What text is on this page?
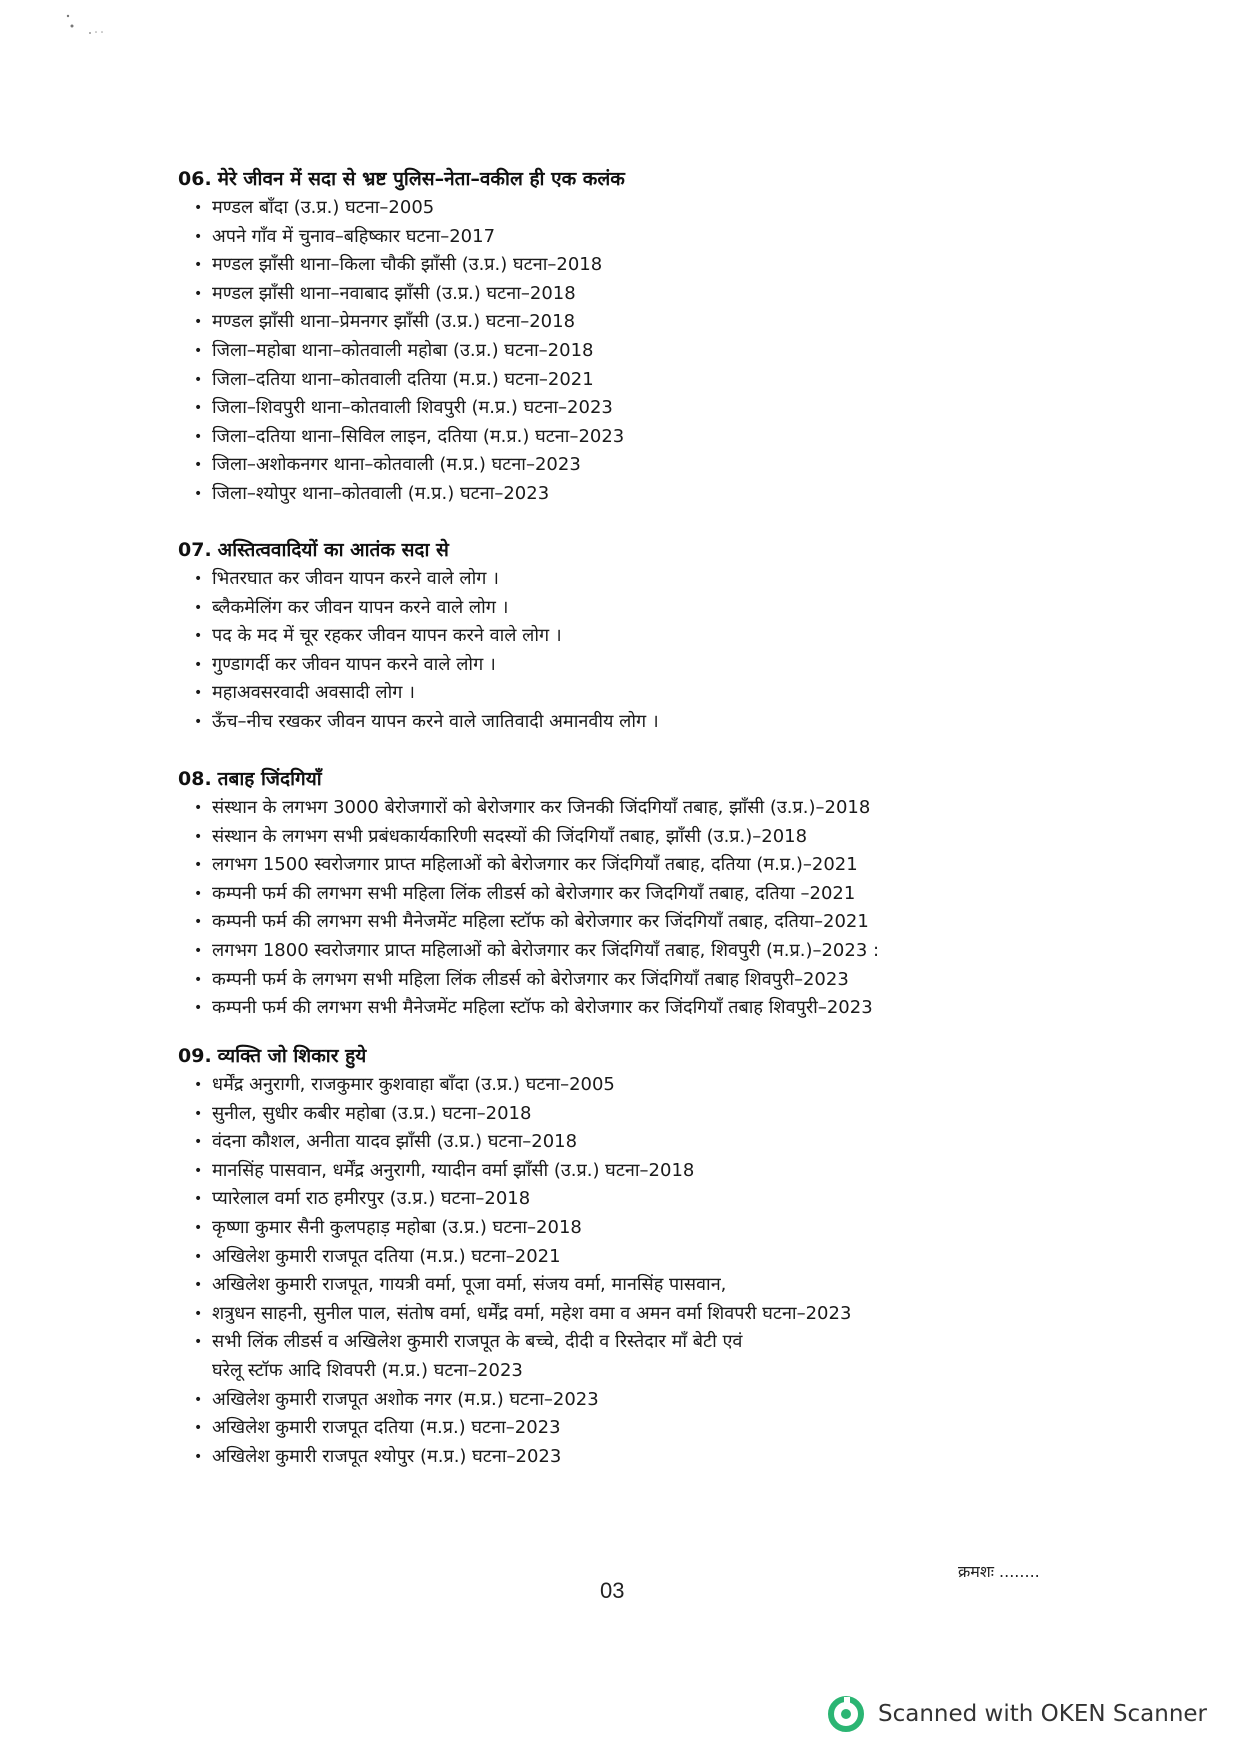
06. मेरे जीवन में सदा से भ्रष्ट पुलिस–नेता–वकील ही एक कलंक
• मण्डल बाँदा (उ.प्र.) घटना–2005
• अपने गाँव में चुनाव–बहिष्कार घटना–2017
• मण्डल झाँसी थाना–किला चौकी झाँसी (उ.प्र.) घटना–2018
• मण्डल झाँसी थाना–नवाबाद झाँसी (उ.प्र.) घटना–2018
• मण्डल झाँसी थाना–प्रेमनगर झाँसी (उ.प्र.) घटना–2018
• जिला–महोबा थाना–कोतवाली महोबा (उ.प्र.) घटना–2018
• जिला–दतिया थाना–कोतवाली दतिया (म.प्र.) घटना–2021
• जिला–शिवपुरी थाना–कोतवाली शिवपुरी (म.प्र.) घटना–2023
• जिला–दतिया थाना–सिविल लाइन, दतिया (म.प्र.) घटना–2023
• जिला–अशोकनगर थाना–कोतवाली (म.प्र.) घटना–2023
• जिला–श्योपुर थाना–कोतवाली (म.प्र.) घटना–2023
07. अस्तित्ववादियों का आतंक सदा से
• भितरघात कर जीवन यापन करने वाले लोग ।
• ब्लैकमेलिंग कर जीवन यापन करने वाले लोग ।
• पद के मद में चूर रहकर जीवन यापन करने वाले लोग ।
• गुण्डागर्दी कर जीवन यापन करने वाले लोग ।
• महाअवसरवादी अवसादी लोग ।
• ऊँच–नीच रखकर जीवन यापन करने वाले जातिवादी अमानवीय लोग ।
08. तबाह जिंदगियाँ
• संस्थान के लगभग 3000 बेरोजगारों को बेरोजगार कर जिनकी जिंदगियाँ तबाह, झाँसी (उ.प्र.)–2018
• संस्थान के लगभग सभी प्रबंधकार्यकारिणी सदस्यों की जिंदगियाँ तबाह, झाँसी (उ.प्र.)–2018
• लगभग 1500 स्वरोजगार प्राप्त महिलाओं को बेरोजगार कर जिंदगियाँ तबाह, दतिया (म.प्र.)–2021
• कम्पनी फर्म की लगभग सभी महिला लिंक लीडर्स को बेरोजगार कर जिदगियाँ तबाह, दतिया –2021
• कम्पनी फर्म की लगभग सभी मैनेजमेंट महिला स्टॉफ को बेरोजगार कर जिंदगियाँ तबाह, दतिया–2021
• लगभग 1800 स्वरोजगार प्राप्त महिलाओं को बेरोजगार कर जिंदगियाँ तबाह, शिवपुरी (म.प्र.)–2023 :
• कम्पनी फर्म के लगभग सभी महिला लिंक लीडर्स को बेरोजगार कर जिंदगियाँ तबाह शिवपुरी–2023
• कम्पनी फर्म की लगभग सभी मैनेजमेंट महिला स्टॉफ को बेरोजगार कर जिंदगियाँ तबाह शिवपुरी–2023
09. व्यक्ति जो शिकार हुये
• धर्मेंद्र अनुरागी, राजकुमार कुशवाहा बाँदा (उ.प्र.) घटना–2005
• सुनील, सुधीर कबीर महोबा (उ.प्र.) घटना–2018
• वंदना कौशल, अनीता यादव झाँसी (उ.प्र.) घटना–2018
• मानसिंह पासवान, धर्मेंद्र अनुरागी, ग्यादीन वर्मा झाँसी (उ.प्र.) घटना–2018
• प्यारेलाल वर्मा राठ हमीरपुर (उ.प्र.) घटना–2018
• कृष्णा कुमार सैनी कुलपहाड़ महोबा (उ.प्र.) घटना–2018
• अखिलेश कुमारी राजपूत दतिया (म.प्र.) घटना–2021
• अखिलेश कुमारी राजपूत, गायत्री वर्मा, पूजा वर्मा, संजय वर्मा, मानसिंह पासवान,
• शत्रुधन साहनी, सुनील पाल, संतोष वर्मा, धर्मेंद्र वर्मा, महेश वमा व अमन वर्मा शिवपरी घटना–2023
• सभी लिंक लीडर्स व अखिलेश कुमारी राजपूत के बच्चे, दीदी व रिस्तेदार माँ बेटी एवं
घरेलू स्टॉफ आदि शिवपरी (म.प्र.) घटना–2023
• अखिलेश कुमारी राजपूत अशोक नगर (म.प्र.) घटना–2023
• अखिलेश कुमारी राजपूत दतिया (म.प्र.) घटना–2023
• अखिलेश कुमारी राजपूत श्योपुर (म.प्र.) घटना–2023
क्रमशः ........
03
Scanned with OKEN Scanner
